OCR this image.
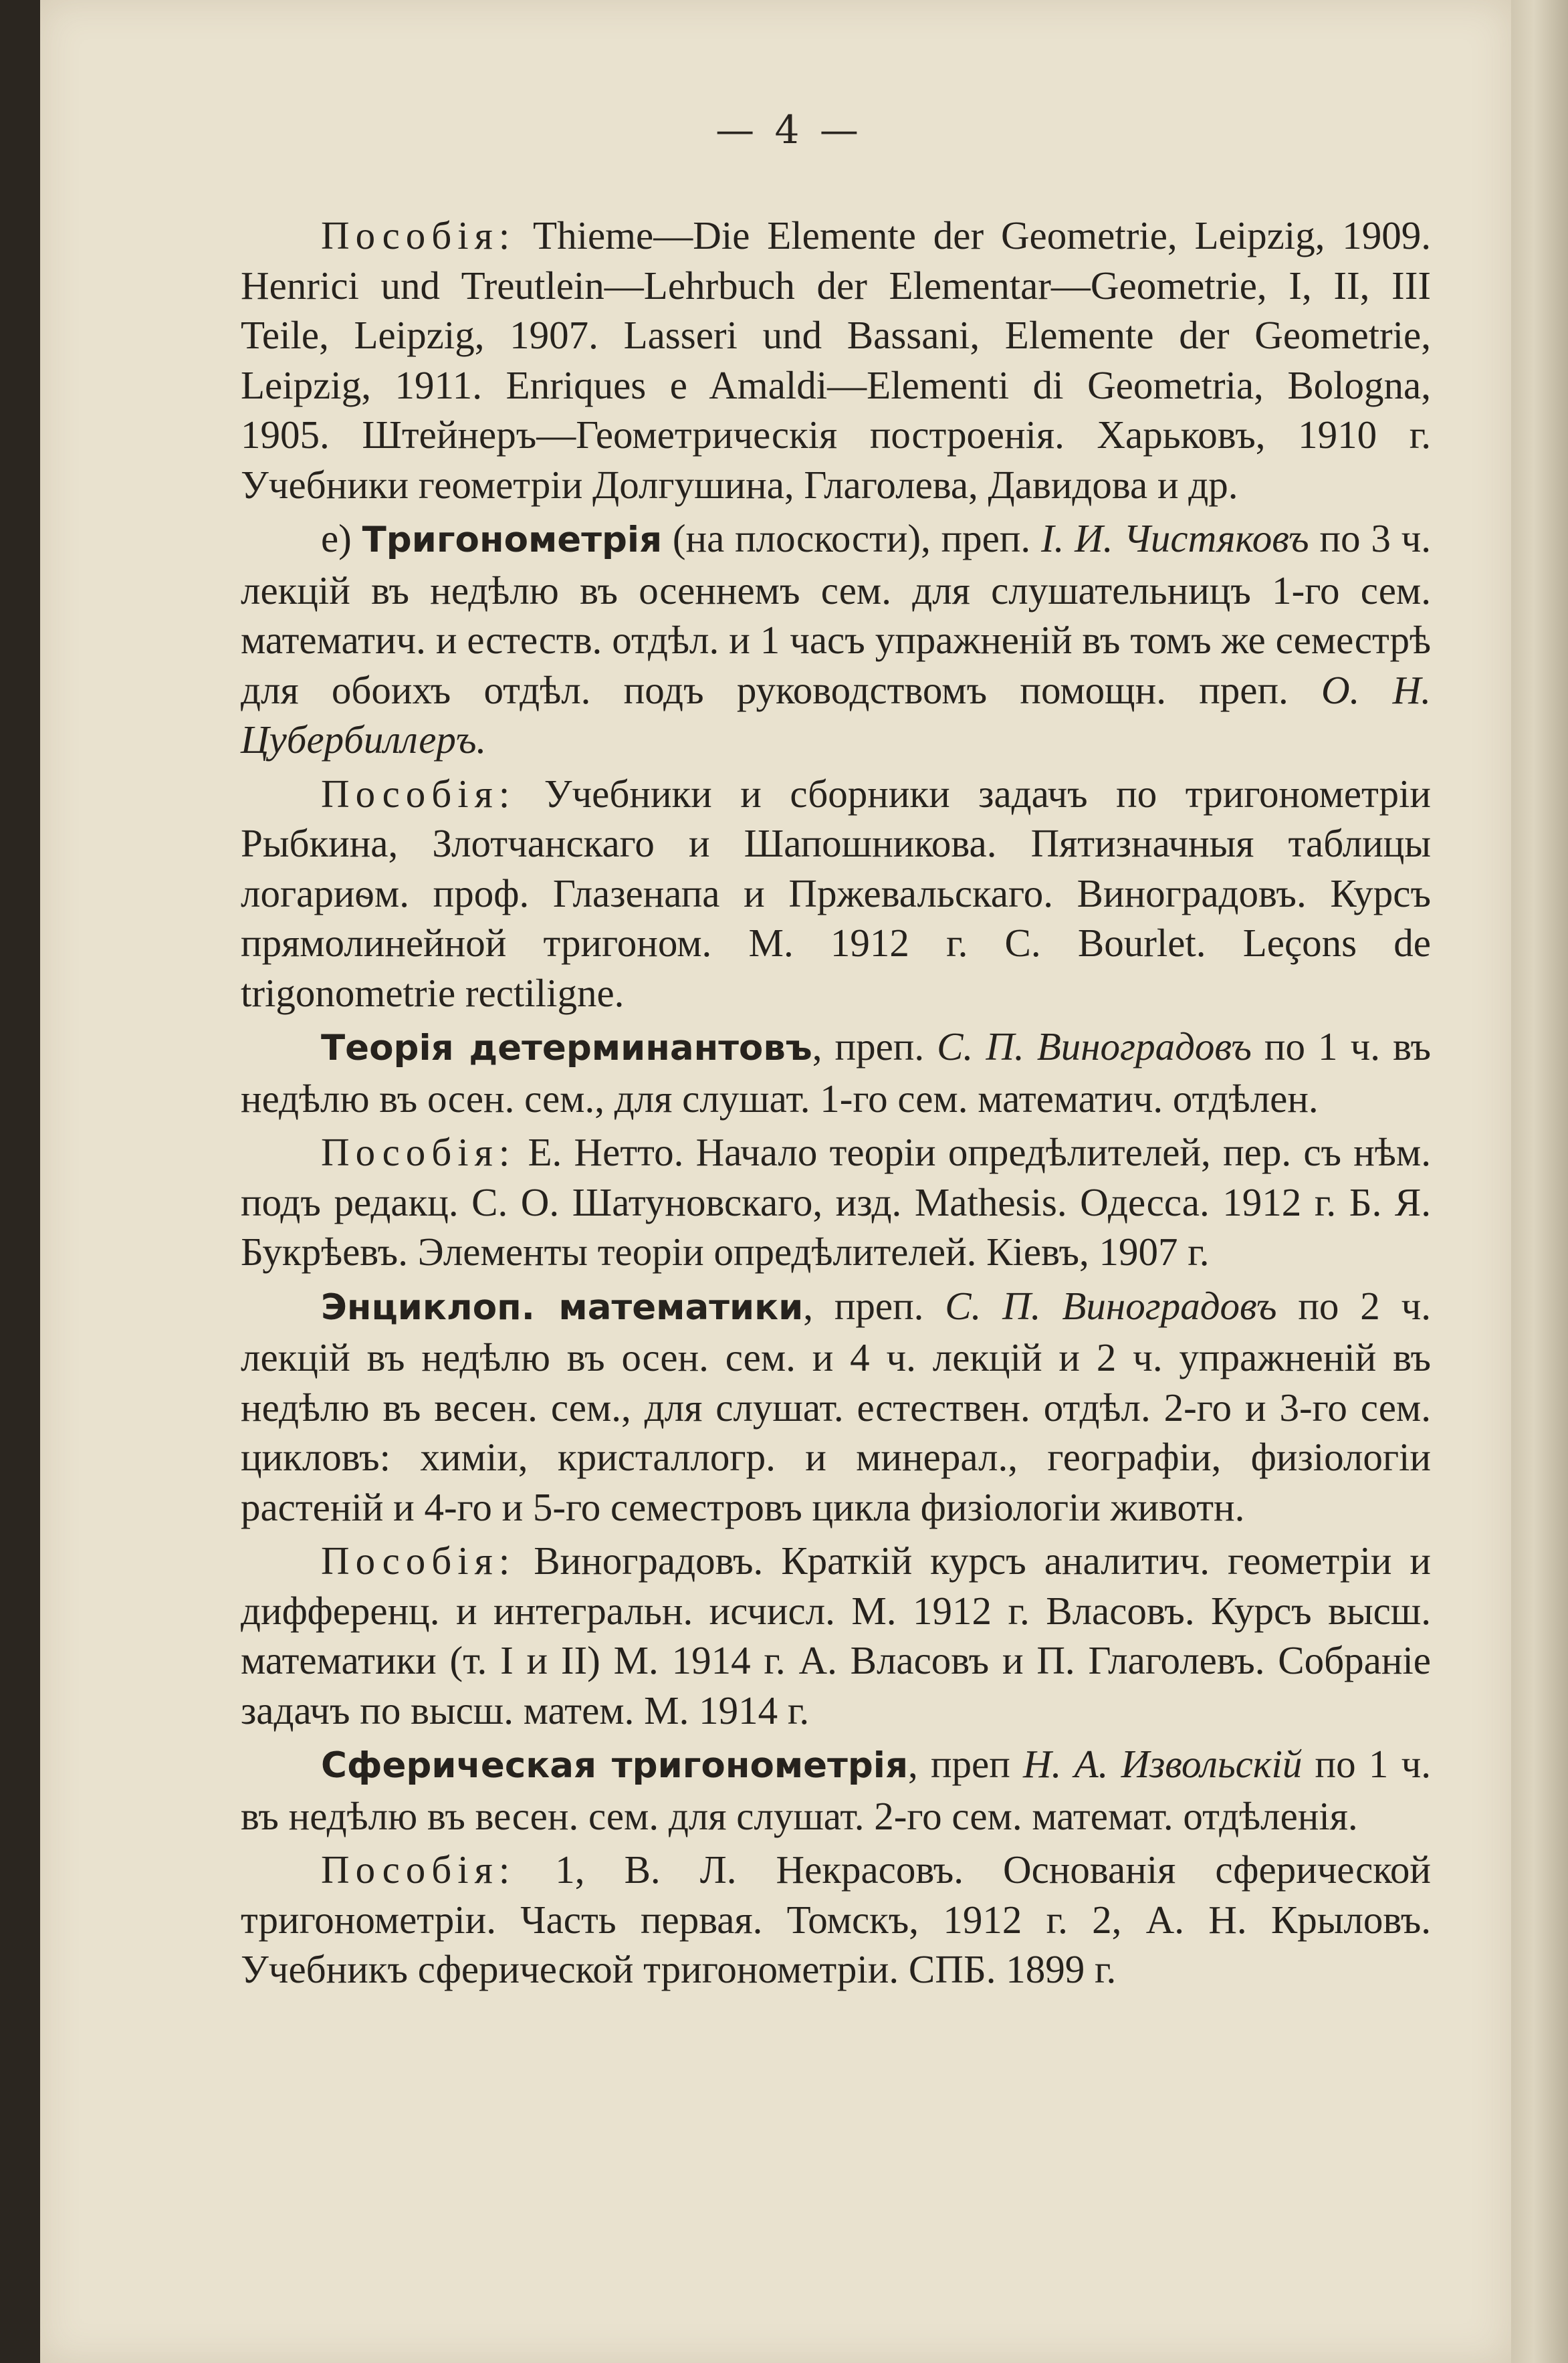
— 4 —

Пособія: Thieme—Die Elemente der Geometrie, Leipzig, 1909. Henrici und Treutlein—Lehrbuch der Elementar—Geometrie, I, II, III Teile, Leipzig, 1907. Lasseri und Bassani, Elemente der Geometrie, Leipzig, 1911. Enriques e Amaldi—Elementi di Geometria, Bologna, 1905. Штейнеръ—Геометрическія построенія. Харьковъ, 1910 г. Учебники геометріи Долгушина, Глаголева, Давидова и др.

e) Тригонометрія (на плоскости), преп. I. И. Чистяковъ по 3 ч. лекцій въ недѣлю въ осеннемъ сем. для слушательницъ 1-го сем. математич. и естеств. отдѣл. и 1 часъ упражненій въ томъ же семестрѣ для обоихъ отдѣл. подъ руководствомъ помощн. преп. О. Н. Цубербиллеръ.

Пособія: Учебники и сборники задачъ по тригонометріи Рыбкина, Злотчанскаго и Шапошникова. Пятизначныя таблицы логариѳм. проф. Глазенапа и Пржевальскаго. Виноградовъ. Курсъ прямолинейной тригоном. М. 1912 г. C. Bourlet. Leçons de trigonometrie rectiligne.

Теорія детерминантовъ, преп. С. П. Виноградовъ по 1 ч. въ недѣлю въ осен. сем., для слушат. 1-го сем. математич. отдѣлен.

Пособія: Е. Нетто. Начало теоріи опредѣлителей, пер. съ нѣм. подъ редакц. С. О. Шатуновскаго, изд. Mathesis. Одесса. 1912 г. Б. Я. Букрѣевъ. Элементы теоріи опредѣлителей. Кіевъ, 1907 г.

Энциклоп. математики, преп. С. П. Виноградовъ по 2 ч. лекцій въ недѣлю въ осен. сем. и 4 ч. лекцій и 2 ч. упражненій въ недѣлю въ весен. сем., для слушат. естествен. отдѣл. 2-го и 3-го сем. цикловъ: химіи, кристаллогр. и минерал., географіи, физіологіи растеній и 4-го и 5-го семестровъ цикла физіологіи животн.

Пособія: Виноградовъ. Краткій курсъ аналитич. геометріи и дифференц. и интегральн. исчисл. М. 1912 г. Власовъ. Курсъ высш. математики (т. I и II) М. 1914 г. А. Власовъ и П. Глаголевъ. Собраніе задачъ по высш. матем. М. 1914 г.

Сферическая тригонометрія, преп Н. А. Извольскій по 1 ч. въ недѣлю въ весен. сем. для слушат. 2-го сем. математ. отдѣленія.

Пособія: 1, В. Л. Некрасовъ. Основанія сферической тригонометріи. Часть первая. Томскъ, 1912 г. 2, А. Н. Крыловъ. Учебникъ сферической тригонометріи. СПБ. 1899 г.
